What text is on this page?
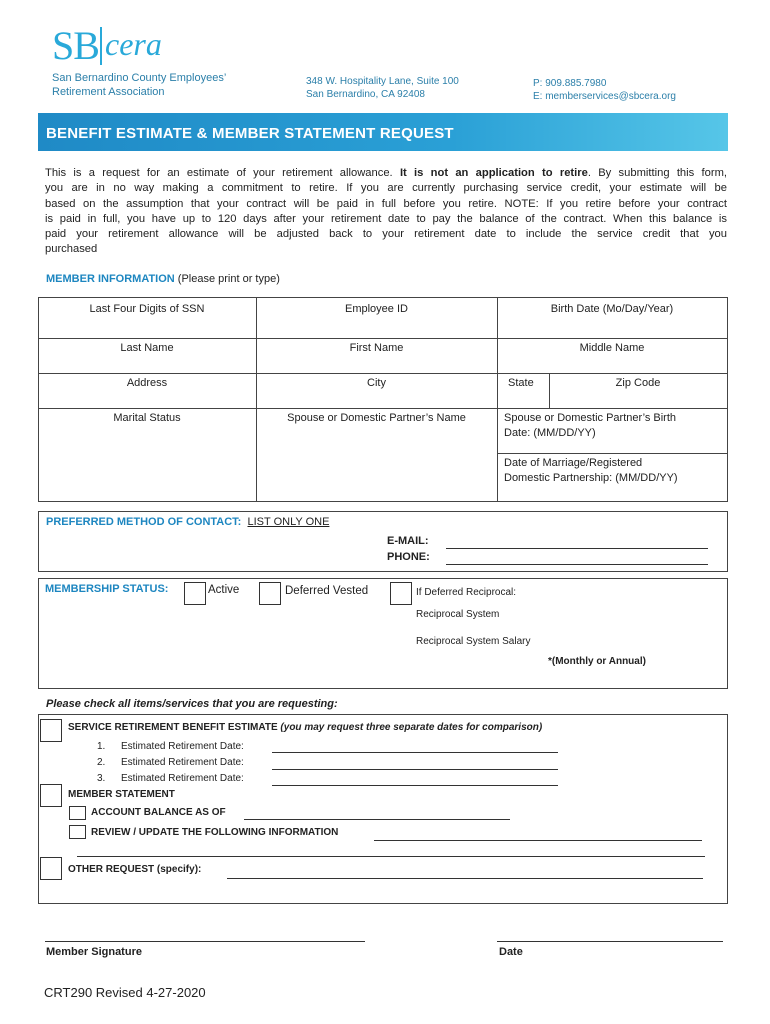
SB cera
San Bernardino County Employees’
Retirement Association
348 W. Hospitality Lane, Suite 100
San Bernardino, CA 92408
P: 909.885.7980
E: memberservices@sbcera.org
BENEFIT ESTIMATE & MEMBER STATEMENT REQUEST
This is a request for an estimate of your retirement allowance. It is not an application to retire. By submitting this form,
you are in no way making a commitment to retire. If you are currently purchasing service credit, your estimate will be
based on the assumption that your contract will be paid in full before you retire. NOTE: If you retire before your contract
is paid in full, you have up to 120 days after your retirement date to pay the balance of the contract. When this balance is
paid your retirement allowance will be adjusted back to your retirement date to include the service credit that you
purchased
MEMBER INFORMATION (Please print or type)
Last Four Digits of SSN	Employee ID	Birth Date (Mo/Day/Year)
Last Name	First Name	Middle Name
Address	City	State	Zip Code
Marital Status	Spouse or Domestic Partner’s Name	Spouse or Domestic Partner’s Birth
Date: (MM/DD/YY)
Date of Marriage/Registered
Domestic Partnership: (MM/DD/YY)
PREFERRED METHOD OF CONTACT: LIST ONLY ONE
E-MAIL:
PHONE:
MEMBERSHIP STATUS:	Active	Deferred Vested	If Deferred Reciprocal:
Reciprocal System
Reciprocal System Salary
*(Monthly or Annual)
Please check all items/services that you are requesting:
SERVICE RETIREMENT BENEFIT ESTIMATE (you may request three separate dates for comparison)
1. Estimated Retirement Date:
2. Estimated Retirement Date:
3. Estimated Retirement Date:
MEMBER STATEMENT
ACCOUNT BALANCE AS OF
REVIEW / UPDATE THE FOLLOWING INFORMATION
OTHER REQUEST (specify):
Member Signature	Date
CRT290 Revised 4-27-2020
